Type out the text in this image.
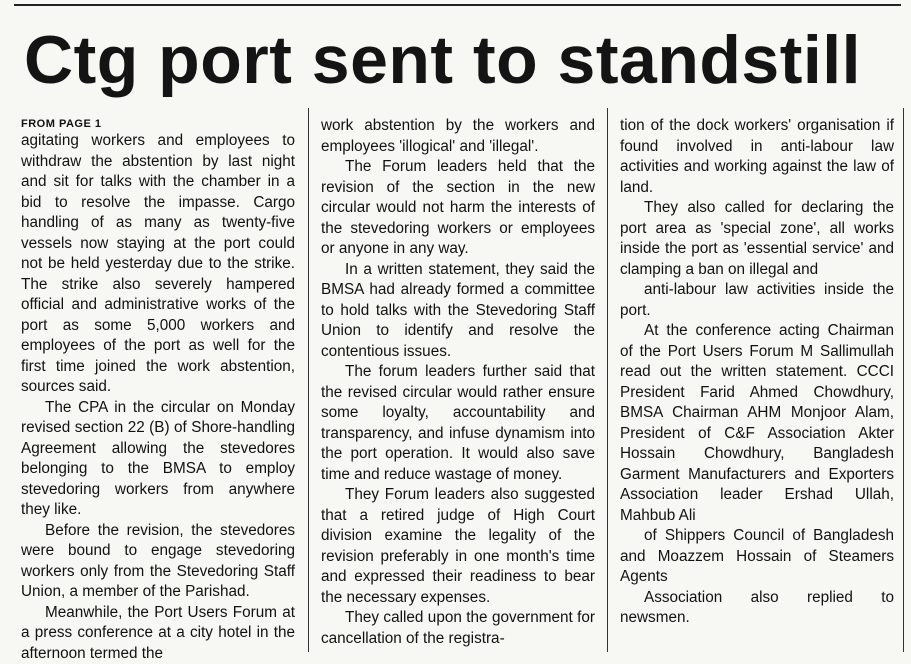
Ctg port sent to standstill
FROM PAGE 1

agitating workers and employees to withdraw the abstention by last night and sit for talks with the chamber in a bid to resolve the impasse. Cargo handling of as many as twenty-five vessels now staying at the port could not be held yesterday due to the strike. The strike also severely hampered official and administrative works of the port as some 5,000 workers and employees of the port as well for the first time joined the work abstention, sources said.

The CPA in the circular on Monday revised section 22 (B) of Shore-handling Agreement allowing the stevedores belonging to the BMSA to employ stevedoring workers from anywhere they like.

Before the revision, the stevedores were bound to engage stevedoring workers only from the Stevedoring Staff Union, a member of the Parishad.

Meanwhile, the Port Users Forum at a press conference at a city hotel in the afternoon termed the

work abstention by the workers and employees 'illogical' and 'illegal'.

The Forum leaders held that the revision of the section in the new circular would not harm the interests of the stevedoring workers or employees or anyone in any way.

In a written statement, they said the BMSA had already formed a committee to hold talks with the Stevedoring Staff Union to identify and resolve the contentious issues.

The forum leaders further said that the revised circular would rather ensure some loyalty, accountability and transparency, and infuse dynamism into the port operation. It would also save time and reduce wastage of money.

They Forum leaders also suggested that a retired judge of High Court division examine the legality of the revision preferably in one month's time and expressed their readiness to bear the necessary expenses.

They called upon the government for cancellation of the registra-

tion of the dock workers' organisation if found involved in anti-labour law activities and working against the law of land.

They also called for declaring the port area as 'special zone', all works inside the port as 'essential service' and clamping a ban on illegal and

anti-labour law activities inside the port.

At the conference acting Chairman of the Port Users Forum M Sallimullah read out the written statement. CCCI President Farid Ahmed Chowdhury, BMSA Chairman AHM Monjoor Alam, President of C&F Association Akter Hossain Chowdhury, Bangladesh Garment Manufacturers and Exporters Association leader Ershad Ullah, Mahbub Ali

of Shippers Council of Bangladesh and Moazzem Hossain of Steamers Agents

Association also replied to newsmen.
